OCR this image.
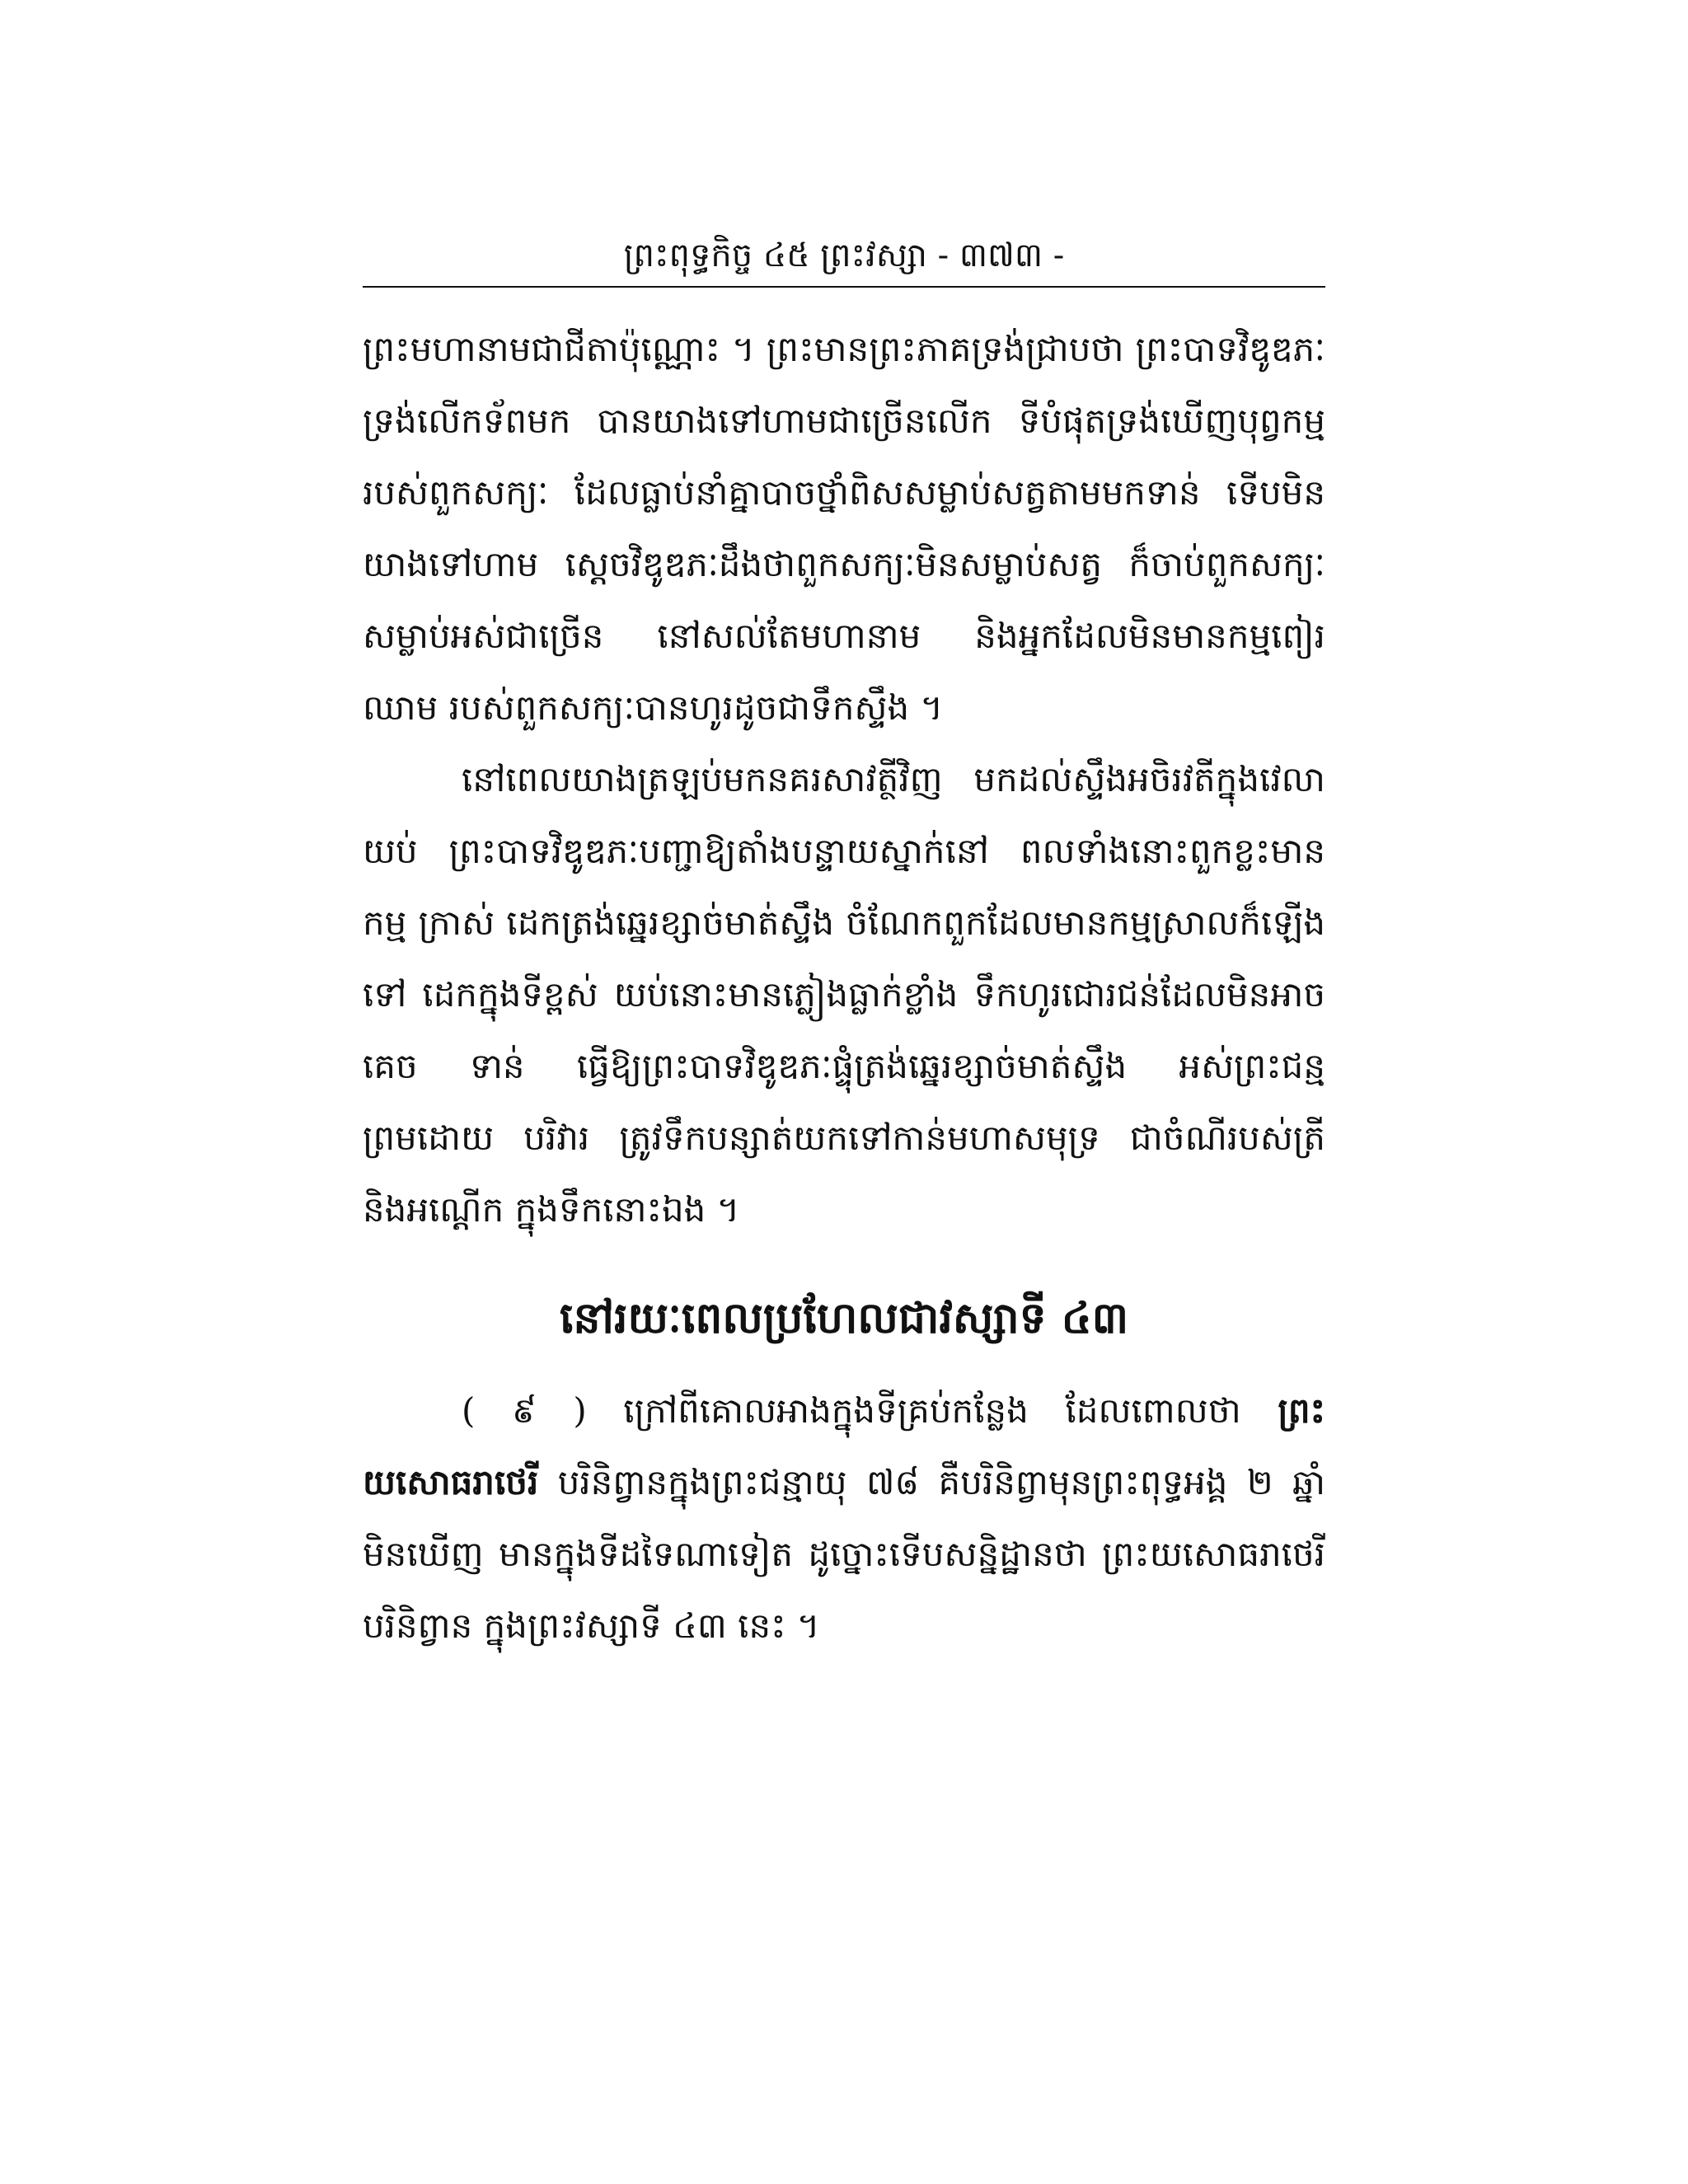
ព្រះពុទ្ធកិច្ច ៤៥ ព្រះវស្សា - ៣៧៣ -
ព្រះមហានាមជាជីតាប៉ុណ្ណោះ ។ ព្រះមានព្រះភាគទ្រង់ជ្រាបថា ព្រះបាទវិឌូឌភៈ ទ្រង់លើកទ័ពមក បានយាងទៅហាមជាច្រើនលើក ទីបំផុតទ្រង់ឃើញបុព្វកម្ម របស់ពួកសក្យៈ ដែលធ្លាប់នាំគ្នាបាចថ្នាំពិសសម្លាប់សត្វតាមមកទាន់ ទើបមិន យាងទៅហាម ស្តេចវិឌូឌភៈដឹងថាពួកសក្យៈមិនសម្លាប់សត្វ ក៏ចាប់ពួកសក្យៈ សម្លាប់អស់ជាច្រើន នៅសល់តែមហានាម និងអ្នកដែលមិនមានកម្មពៀរ ឈាម របស់ពួកសក្យៈបានហូរដូចជាទឹកស្ទឹង ។
នៅពេលយាងត្រឡប់មកនគរសាវត្ថីវិញ មកដល់ស្ទឹងអចិរវតីក្នុងវេលា យប់ ព្រះបាទវិឌូឌភៈបញ្ជាឱ្យតាំងបន្ទាយស្នាក់នៅ ពលទាំងនោះពួកខ្លះមានកម្ម ក្រាស់ ដេកត្រង់ឆ្នេរខ្សាច់មាត់ស្ទឹង ចំណែកពួកដែលមានកម្មស្រាលក៏ឡើងទៅ ដេកក្នុងទីខ្ពស់ យប់នោះមានភ្លៀងធ្លាក់ខ្លាំង ទឹកហូរជោរជន់ដែលមិនអាចគេច ទាន់ ធ្វើឱ្យព្រះបាទវិឌូឌភៈផ្ទុំត្រង់ឆ្នេរខ្សាច់មាត់ស្ទឹង អស់ព្រះជន្មព្រមដោយ បរិវារ ត្រូវទឹកបន្សាត់យកទៅកាន់មហាសមុទ្រ ជាចំណីរបស់ត្រី និងអណ្តើក ក្នុងទឹកនោះឯង ។
នៅរយៈពេលប្រហែលជាវស្សាទី ៤៣
( ៩ ) ក្រៅពីគោលអាងក្នុងទីគ្រប់កន្លែង ដែលពោលថា ព្រះយសោធរាថេរី បរិនិព្វានក្នុងព្រះជន្មាយុ ៧៨ គឺបរិនិព្វាមុនព្រះពុទ្ធអង្គ ២ ឆ្នាំ មិនឃើញ មានក្នុងទីដទៃណាទៀត ដូច្នោះទើបសន្និដ្ឋានថា ព្រះយសោធរាថេរីបរិនិព្វាន ក្នុងព្រះវស្សាទី ៤៣ នេះ ។
